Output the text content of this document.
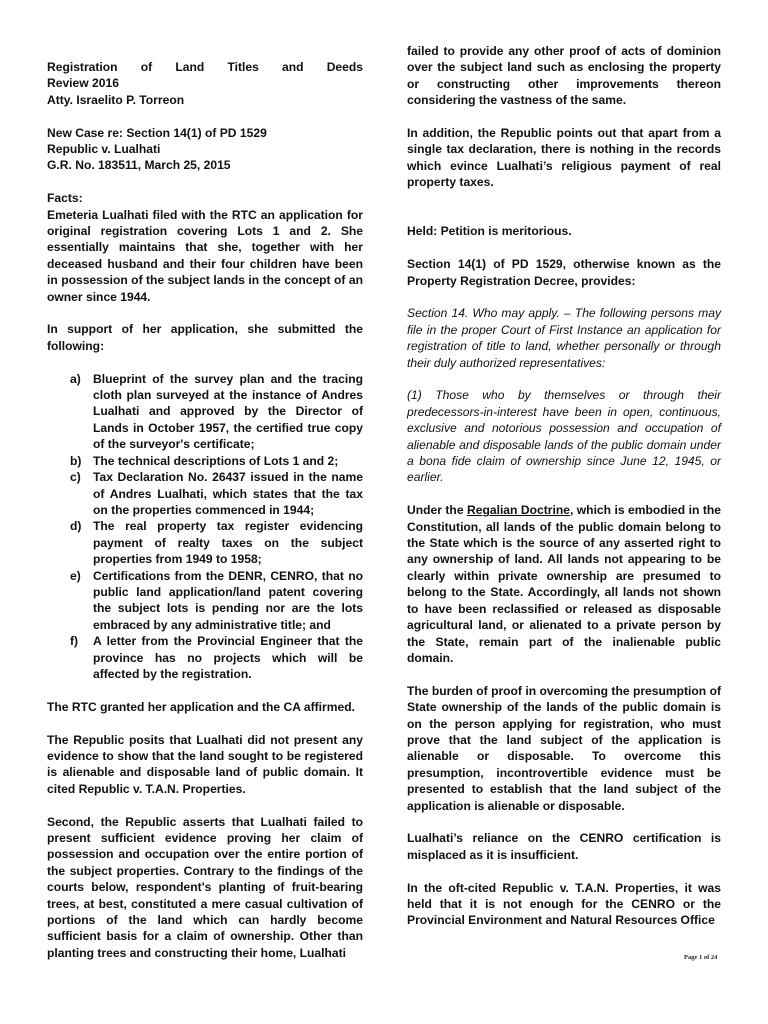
Registration of Land Titles and Deeds
Review 2016
Atty. Israelito P. Torreon
New Case re: Section 14(1) of PD 1529
Republic v. Lualhati
G.R. No. 183511, March 25, 2015
Facts:

Emeteria Lualhati filed with the RTC an application for original registration covering Lots 1 and 2. She essentially maintains that she, together with her deceased husband and their four children have been in possession of the subject lands in the concept of an owner since 1944.

In support of her application, she submitted the following:

a) Blueprint of the survey plan and the tracing cloth plan surveyed at the instance of Andres Lualhati and approved by the Director of Lands in October 1957, the certified true copy of the surveyor's certificate;
b) The technical descriptions of Lots 1 and 2;
c) Tax Declaration No. 26437 issued in the name of Andres Lualhati, which states that the tax on the properties commenced in 1944;
d) The real property tax register evidencing payment of realty taxes on the subject properties from 1949 to 1958;
e) Certifications from the DENR, CENRO, that no public land application/land patent covering the subject lots is pending nor are the lots embraced by any administrative title; and
f) A letter from the Provincial Engineer that the province has no projects which will be affected by the registration.

The RTC granted her application and the CA affirmed.

The Republic posits that Lualhati did not present any evidence to show that the land sought to be registered is alienable and disposable land of public domain. It cited Republic v. T.A.N. Properties.

Second, the Republic asserts that Lualhati failed to present sufficient evidence proving her claim of possession and occupation over the entire portion of the subject properties. Contrary to the findings of the courts below, respondent's planting of fruit-bearing trees, at best, constituted a mere casual cultivation of portions of the land which can hardly become sufficient basis for a claim of ownership. Other than planting trees and constructing their home, Lualhati

failed to provide any other proof of acts of dominion over the subject land such as enclosing the property or constructing other improvements thereon considering the vastness of the same.

In addition, the Republic points out that apart from a single tax declaration, there is nothing in the records which evince Lualhati’s religious payment of real property taxes.

Held: Petition is meritorious.

Section 14(1) of PD 1529, otherwise known as the Property Registration Decree, provides:

Section 14. Who may apply. – The following persons may file in the proper Court of First Instance an application for registration of title to land, whether personally or through their duly authorized representatives:

(1) Those who by themselves or through their predecessors-in-interest have been in open, continuous, exclusive and notorious possession and occupation of alienable and disposable lands of the public domain under a bona fide claim of ownership since June 12, 1945, or earlier.

Under the Regalian Doctrine, which is embodied in the Constitution, all lands of the public domain belong to the State which is the source of any asserted right to any ownership of land. All lands not appearing to be clearly within private ownership are presumed to belong to the State. Accordingly, all lands not shown to have been reclassified or released as disposable agricultural land, or alienated to a private person by the State, remain part of the inalienable public domain.

The burden of proof in overcoming the presumption of State ownership of the lands of the public domain is on the person applying for registration, who must prove that the land subject of the application is alienable or disposable. To overcome this presumption, incontrovertible evidence must be presented to establish that the land subject of the application is alienable or disposable.

Lualhati’s reliance on the CENRO certification is misplaced as it is insufficient.

In the oft-cited Republic v. T.A.N. Properties, it was held that it is not enough for the CENRO or the Provincial Environment and Natural Resources Office

Page 1 of 24
